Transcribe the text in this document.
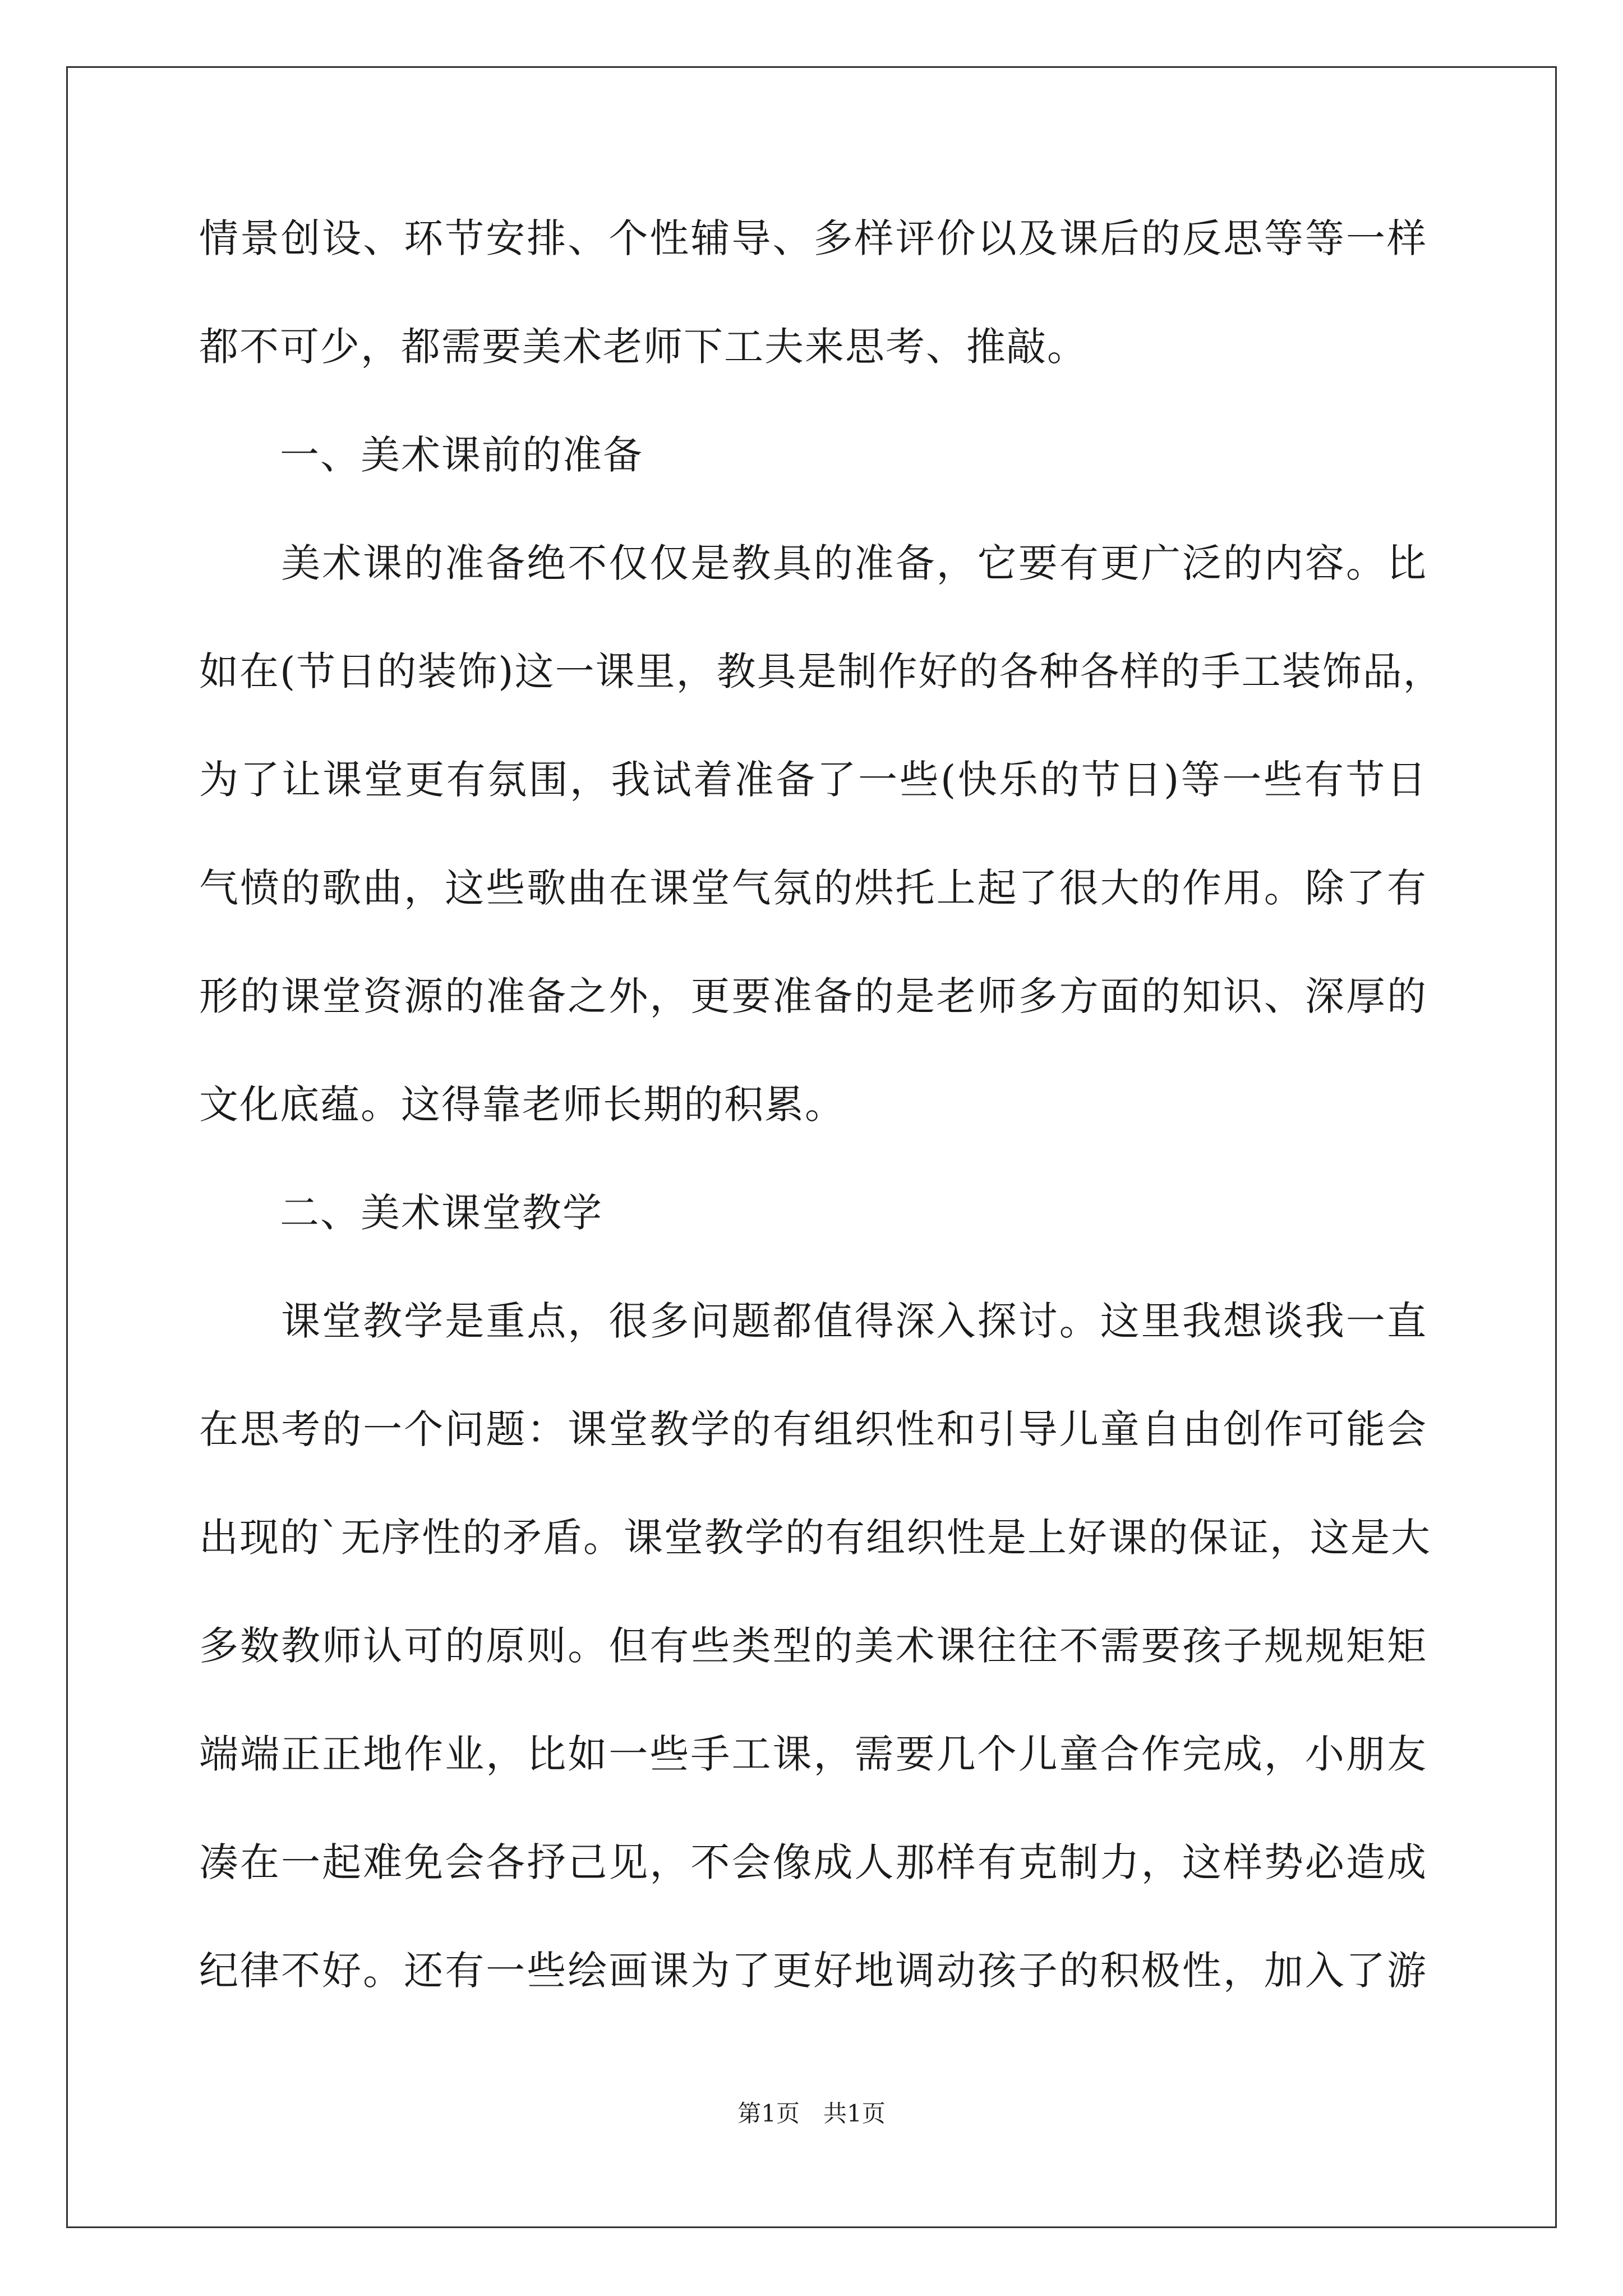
情景创设、环节安排、个性辅导、多样评价以及课后的反思等等一样
都不可少，都需要美术老师下工夫来思考、推敲。
　　一、美术课前的准备
　　美术课的准备绝不仅仅是教具的准备，它要有更广泛的内容。比
如在(节日的装饰)这一课里，教具是制作好的各种各样的手工装饰品，
为了让课堂更有氛围，我试着准备了一些(快乐的节日)等一些有节日
气愤的歌曲，这些歌曲在课堂气氛的烘托上起了很大的作用。除了有
形的课堂资源的准备之外，更要准备的是老师多方面的知识、深厚的
文化底蕴。这得靠老师长期的积累。
　　二、美术课堂教学
　　课堂教学是重点，很多问题都值得深入探讨。这里我想谈我一直
在思考的一个问题：课堂教学的有组织性和引导儿童自由创作可能会
出现的`无序性的矛盾。课堂教学的有组织性是上好课的保证，这是大
多数教师认可的原则。但有些类型的美术课往往不需要孩子规规矩矩
端端正正地作业，比如一些手工课，需要几个儿童合作完成，小朋友
凑在一起难免会各抒己见，不会像成人那样有克制力，这样势必造成
纪律不好。还有一些绘画课为了更好地调动孩子的积极性，加入了游
第1页　共1页
